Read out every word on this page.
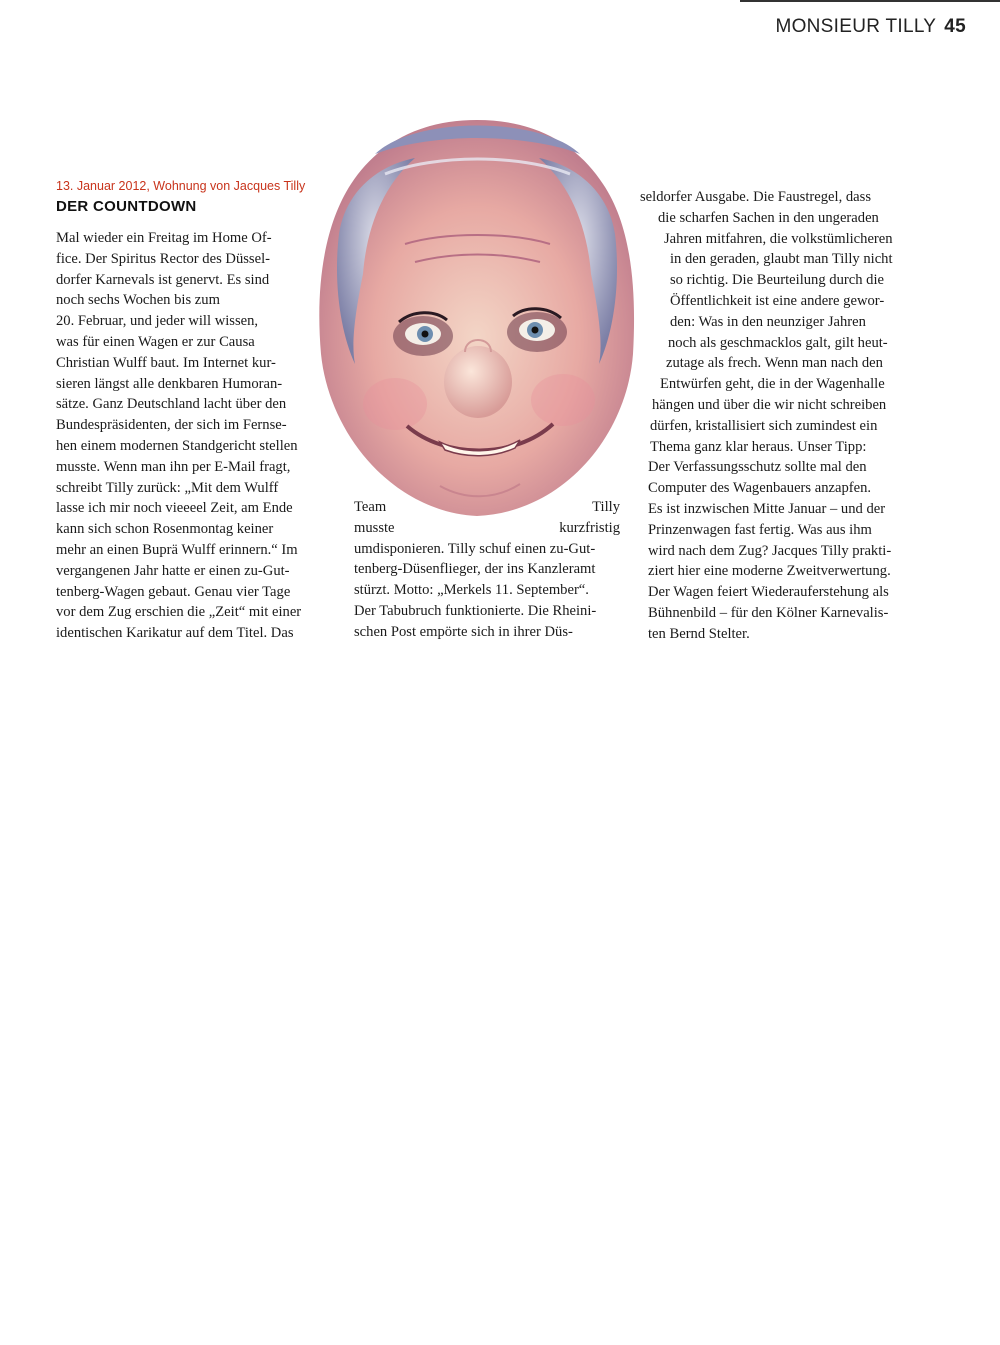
MONSIEUR TILLY 45
13. Januar 2012, Wohnung von Jacques Tilly
DER COUNTDOWN
Mal wieder ein Freitag im Home Of-
fice. Der Spiritus Rector des Düssel-
dorfer Karnevals ist genervt. Es sind
noch sechs Wochen bis zum
20. Februar, und jeder will wissen,
was für einen Wagen er zur Causa
Christian Wulff baut. Im Internet kur-
sieren längst alle denkbaren Humoran-
sätze. Ganz Deutschland lacht über den
Bundespräsidenten, der sich im Fernse-
hen einem modernen Standgericht stellen
musste. Wenn man ihn per E-Mail fragt,
schreibt Tilly zurück: „Mit dem Wulff
lasse ich mir noch vieeeel Zeit, am Ende
kann sich schon Rosenmontag keiner
mehr an einen Buprä Wulff erinnern.“ Im
vergangenen Jahr hatte er einen zu-Gut-
tenberg-Wagen gebaut. Genau vier Tage
vor dem Zug erschien die „Zeit“ mit einer
identischen Karikatur auf dem Titel. Das
Team	Tilly
musste	kurzfristig
umdisponieren. Tilly schuf einen zu-Gut-
tenberg-Düsenflieger, der ins Kanzleramt
stürzt. Motto: „Merkels 11. September“.
Der Tabubruch funktionierte. Die Rheini-
schen Post empörte sich in ihrer Düs-
seldorfer Ausgabe. Die Faustregel, dass
die scharfen Sachen in den ungeraden
Jahren mitfahren, die volkstümlicheren
in den geraden, glaubt man Tilly nicht
so richtig. Die Beurteilung durch die
Öffentlichkeit ist eine andere gewor-
den: Was in den neunziger Jahren
noch als geschmacklos galt, gilt heut-
zutage als frech. Wenn man nach den
Entwürfen geht, die in der Wagenhalle
hängen und über die wir nicht schreiben
dürfen, kristallisiert sich zumindest ein
Thema ganz klar heraus. Unser Tipp:
Der Verfassungsschutz sollte mal den
Computer des Wagenbauers anzapfen.
Es ist inzwischen Mitte Januar – und der
Prinzenwagen fast fertig. Was aus ihm
wird nach dem Zug? Jacques Tilly prakti-
ziert hier eine moderne Zweitverwertung.
Der Wagen feiert Wiederauferstehung als
Bühnenbild – für den Kölner Karnevalis-
ten Bernd Stelter.
